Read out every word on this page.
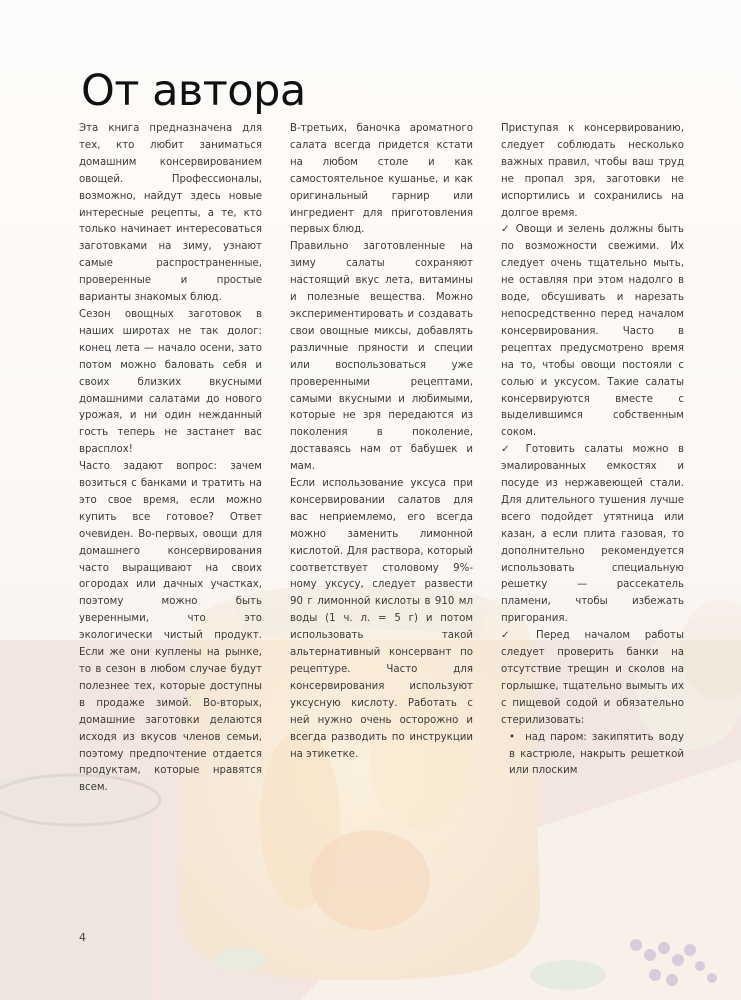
От автора

Эта книга предназначена для тех, кто любит заниматься домашним консервированием овощей. Профессионалы, возможно, найдут здесь новые интересные рецепты, а те, кто только начинает интересоваться заготовками на зиму, узнают самые распространенные, проверенные и простые варианты знакомых блюд.

Сезон овощных заготовок в наших широтах не так долог: конец лета — начало осени, зато потом можно баловать себя и своих близких вкусными домашними салатами до нового урожая, и ни один нежданный гость теперь не застанет вас врасплох!

Часто задают вопрос: зачем возиться с банками и тратить на это свое время, если можно купить все готовое? Ответ очевиден. Во-первых, овощи для домашнего консервирования часто выращивают на своих огородах или дачных участках, поэтому можно быть уверенными, что это экологически чистый продукт. Если же они куплены на рынке, то в сезон в любом случае будут полезнее тех, которые доступны в продаже зимой. Во-вторых, домашние заготовки делаются исходя из вкусов членов семьи, поэтому предпочтение отдается продуктам, которые нравятся всем.

В-третьих, баночка ароматного салата всегда придется кстати на любом столе и как самостоятельное кушанье, и как оригинальный гарнир или ингредиент для приготовления первых блюд.

Правильно заготовленные на зиму салаты сохраняют настоящий вкус лета, витамины и полезные вещества. Можно экспериментировать и создавать свои овощные миксы, добавлять различные пряности и специи или воспользоваться уже проверенными рецептами, самыми вкусными и любимыми, которые не зря передаются из поколения в поколение, доставаясь нам от бабушек и мам.

Если использование уксуса при консервировании салатов для вас неприемлемо, его всегда можно заменить лимонной кислотой. Для раствора, который соответствует столовому 9%-ному уксусу, следует развести 90 г лимонной кислоты в 910 мл воды (1 ч. л. = 5 г) и потом использовать такой альтернативный консервант по рецептуре. Часто для консервирования используют уксусную кислоту. Работать с ней нужно очень осторожно и всегда разводить по инструкции на этикетке.

Приступая к консервированию, следует соблюдать несколько важных правил, чтобы ваш труд не пропал зря, заготовки не испортились и сохранились на долгое время.

✓ Овощи и зелень должны быть по возможности свежими. Их следует очень тщательно мыть, не оставляя при этом надолго в воде, обсушивать и нарезать непосредственно перед началом консервирования. Часто в рецептах предусмотрено время на то, чтобы овощи постояли с солью и уксусом. Такие салаты консервируются вместе с выделившимся собственным соком.

✓ Готовить салаты можно в эмалированных емкостях и посуде из нержавеющей стали. Для длительного тушения лучше всего подойдет утятница или казан, а если плита газовая, то дополнительно рекомендуется использовать специальную решетку — рассекатель пламени, чтобы избежать пригорания.

✓ Перед началом работы следует проверить банки на отсутствие трещин и сколов на горлышке, тщательно вымыть их с пищевой содой и обязательно стерилизовать:

•  над паром: закипятить воду в кастрюле, накрыть решеткой или плоским

4
